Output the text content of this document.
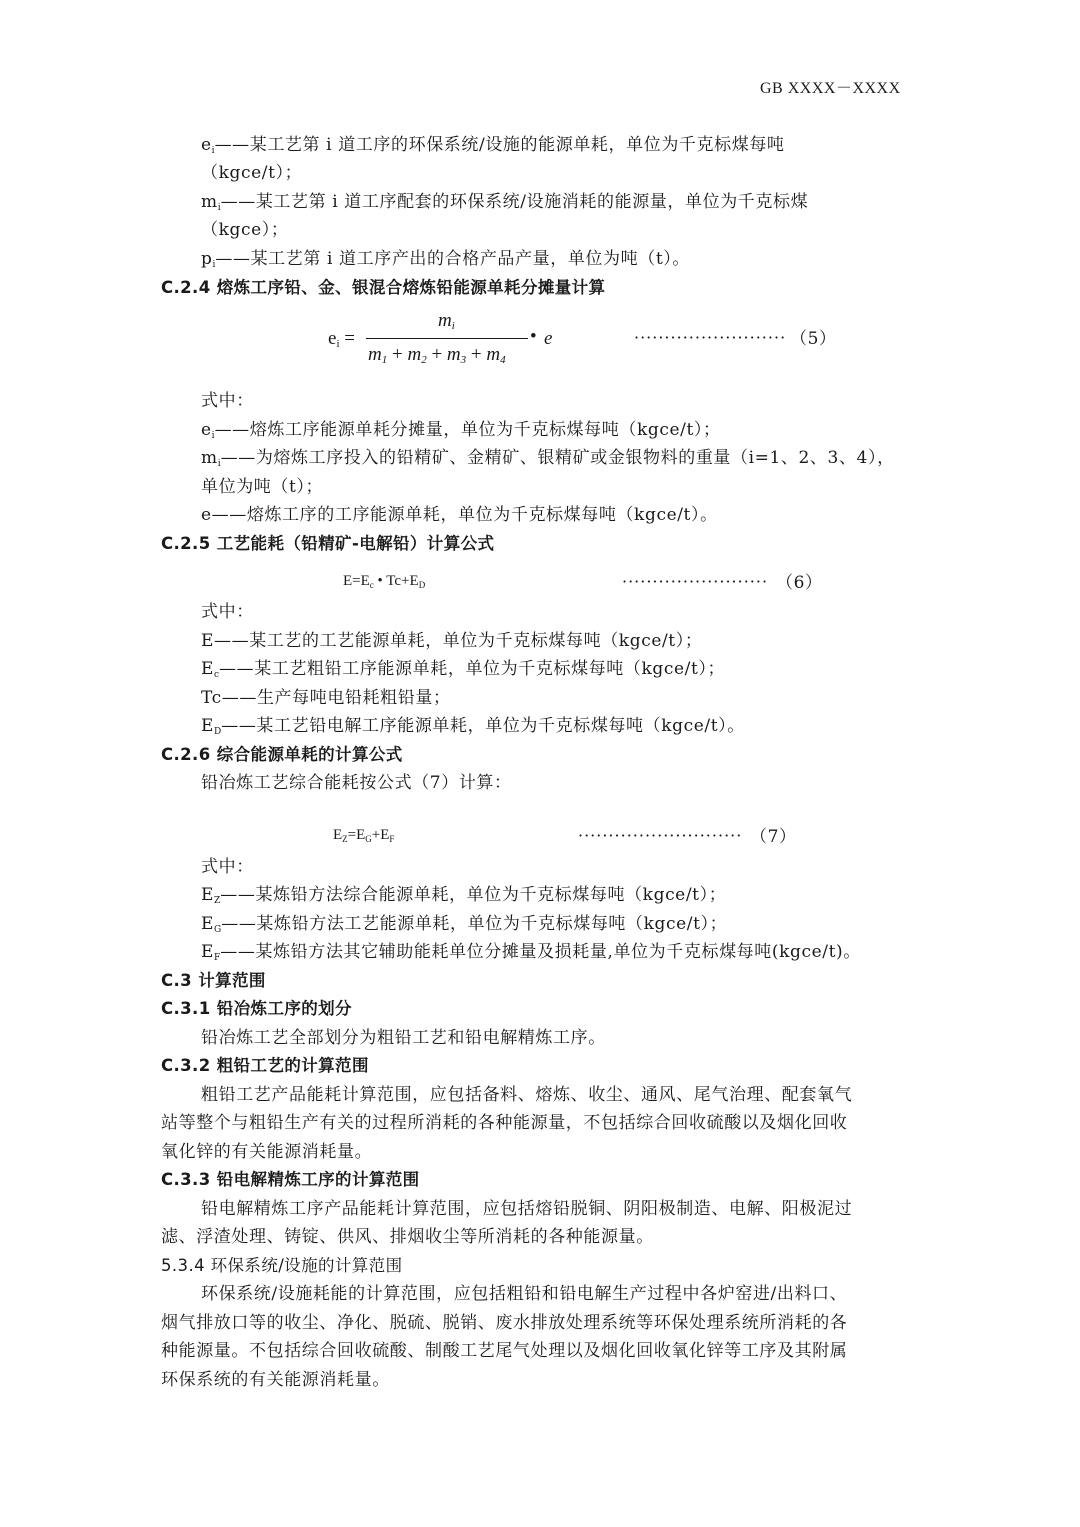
GB XXXX－XXXX
ei——某工艺第 i 道工序的环保系统/设施的能源单耗，单位为千克标煤每吨
（kgce/t）；
mi——某工艺第 i 道工序配套的环保系统/设施消耗的能源量，单位为千克标煤
（kgce）；
pi——某工艺第 i 道工序产出的合格产品产量，单位为吨（t）。
C.2.4 熔炼工序铅、金、银混合熔炼铅能源单耗分摊量计算
ei =
mi
m1 + m2 + m3 + m4
• e	························· （5）
式中：
ei——熔炼工序能源单耗分摊量，单位为千克标煤每吨（kgce/t）；
mi——为熔炼工序投入的铅精矿、金精矿、银精矿或金银物料的重量（i=1、2、3、4），
单位为吨（t）；
e——熔炼工序的工序能源单耗，单位为千克标煤每吨（kgce/t）。
C.2.5 工艺能耗（铅精矿-电解铅）计算公式
$E=E_c$ • $Tc+E_D$	························ （6）
式中：
E——某工艺的工艺能源单耗，单位为千克标煤每吨（kgce/t）；
Ec——某工艺粗铅工序能源单耗，单位为千克标煤每吨（kgce/t）；
Tc——生产每吨电铅耗粗铅量；
ED——某工艺铅电解工序能源单耗，单位为千克标煤每吨（kgce/t）。
C.2.6 综合能源单耗的计算公式
铅冶炼工艺综合能耗按公式（7）计算：
$E_Z=E_G+E_F$	··························· （7）
式中：
EZ——某炼铅方法综合能源单耗，单位为千克标煤每吨（kgce/t）；
EG——某炼铅方法工艺能源单耗，单位为千克标煤每吨（kgce/t）；
EF——某炼铅方法其它辅助能耗单位分摊量及损耗量,单位为千克标煤每吨(kgce/t)。
C.3 计算范围
C.3.1 铅冶炼工序的划分
铅冶炼工艺全部划分为粗铅工艺和铅电解精炼工序。
C.3.2 粗铅工艺的计算范围
粗铅工艺产品能耗计算范围，应包括备料、熔炼、收尘、通风、尾气治理、配套氧气
站等整个与粗铅生产有关的过程所消耗的各种能源量，不包括综合回收硫酸以及烟化回收
氧化锌的有关能源消耗量。
C.3.3 铅电解精炼工序的计算范围
铅电解精炼工序产品能耗计算范围，应包括熔铅脱铜、阴阳极制造、电解、阳极泥过
滤、浮渣处理、铸锭、供风、排烟收尘等所消耗的各种能源量。
5.3.4 环保系统/设施的计算范围
环保系统/设施耗能的计算范围，应包括粗铅和铅电解生产过程中各炉窑进/出料口、
烟气排放口等的收尘、净化、脱硫、脱销、废水排放处理系统等环保处理系统所消耗的各
种能源量。不包括综合回收硫酸、制酸工艺尾气处理以及烟化回收氧化锌等工序及其附属
环保系统的有关能源消耗量。
